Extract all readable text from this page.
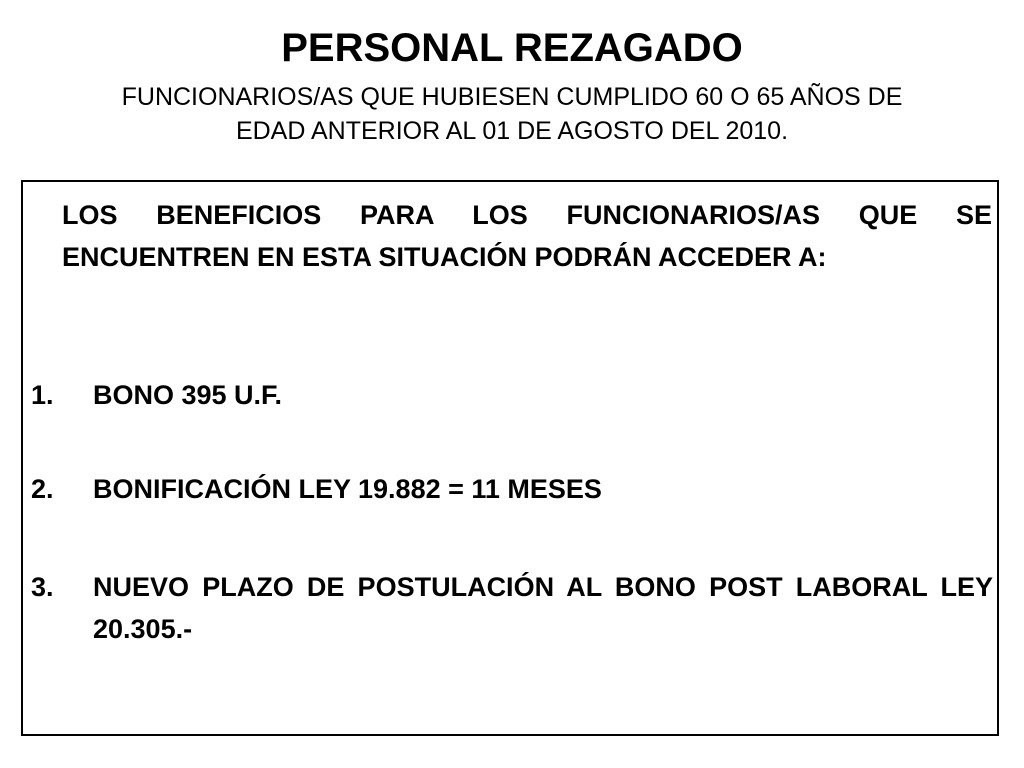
PERSONAL REZAGADO
FUNCIONARIOS/AS QUE HUBIESEN CUMPLIDO 60 O 65 AÑOS DE
EDAD ANTERIOR AL 01 DE AGOSTO DEL 2010.
LOS BENEFICIOS PARA LOS FUNCIONARIOS/AS QUE SE ENCUENTREN EN ESTA SITUACIÓN PODRÁN ACCEDER A:
1.	BONO 395 U.F.
2.	BONIFICACIÓN LEY 19.882 = 11 MESES
3.	NUEVO PLAZO DE POSTULACIÓN AL BONO POST LABORAL LEY 20.305.-
